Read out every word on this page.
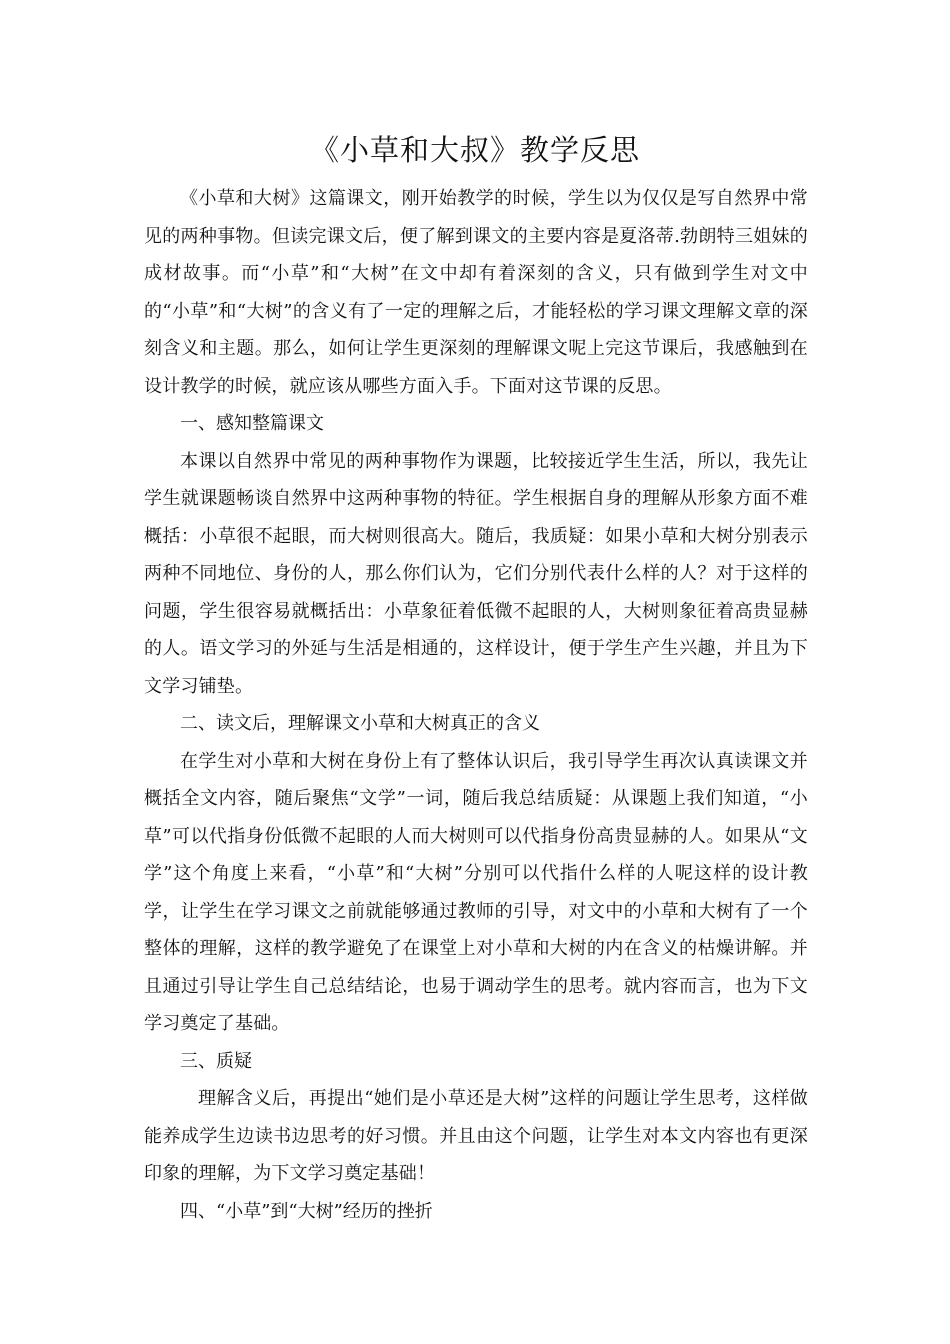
《小草和大叔》教学反思

《小草和大树》这篇课文，刚开始教学的时候，学生以为仅仅是写自然界中常见的两种事物。但读完课文后，便了解到课文的主要内容是夏洛蒂.勃朗特三姐妹的成材故事。而“小草”和“大树”在文中却有着深刻的含义，只有做到学生对文中的“小草”和“大树”的含义有了一定的理解之后，才能轻松的学习课文理解文章的深刻含义和主题。那么，如何让学生更深刻的理解课文呢上完这节课后，我感触到在设计教学的时候，就应该从哪些方面入手。下面对这节课的反思。

一、感知整篇课文

本课以自然界中常见的两种事物作为课题，比较接近学生生活，所以，我先让学生就课题畅谈自然界中这两种事物的特征。学生根据自身的理解从形象方面不难概括：小草很不起眼，而大树则很高大。随后，我质疑：如果小草和大树分别表示两种不同地位、身份的人，那么你们认为，它们分别代表什么样的人？对于这样的问题，学生很容易就概括出：小草象征着低微不起眼的人，大树则象征着高贵显赫的人。语文学习的外延与生活是相通的，这样设计，便于学生产生兴趣，并且为下文学习铺垫。

二、读文后，理解课文小草和大树真正的含义

在学生对小草和大树在身份上有了整体认识后，我引导学生再次认真读课文并概括全文内容，随后聚焦“文学”一词，随后我总结质疑：从课题上我们知道，“小草”可以代指身份低微不起眼的人而大树则可以代指身份高贵显赫的人。如果从“文学”这个角度上来看，“小草”和“大树”分别可以代指什么样的人呢这样的设计教学，让学生在学习课文之前就能够通过教师的引导，对文中的小草和大树有了一个整体的理解，这样的教学避免了在课堂上对小草和大树的内在含义的枯燥讲解。并且通过引导让学生自己总结结论，也易于调动学生的思考。就内容而言，也为下文学习奠定了基础。

三、质疑

理解含义后，再提出“她们是小草还是大树”这样的问题让学生思考，这样做能养成学生边读书边思考的好习惯。并且由这个问题，让学生对本文内容也有更深印象的理解，为下文学习奠定基础！

四、“小草”到“大树”经历的挫折
